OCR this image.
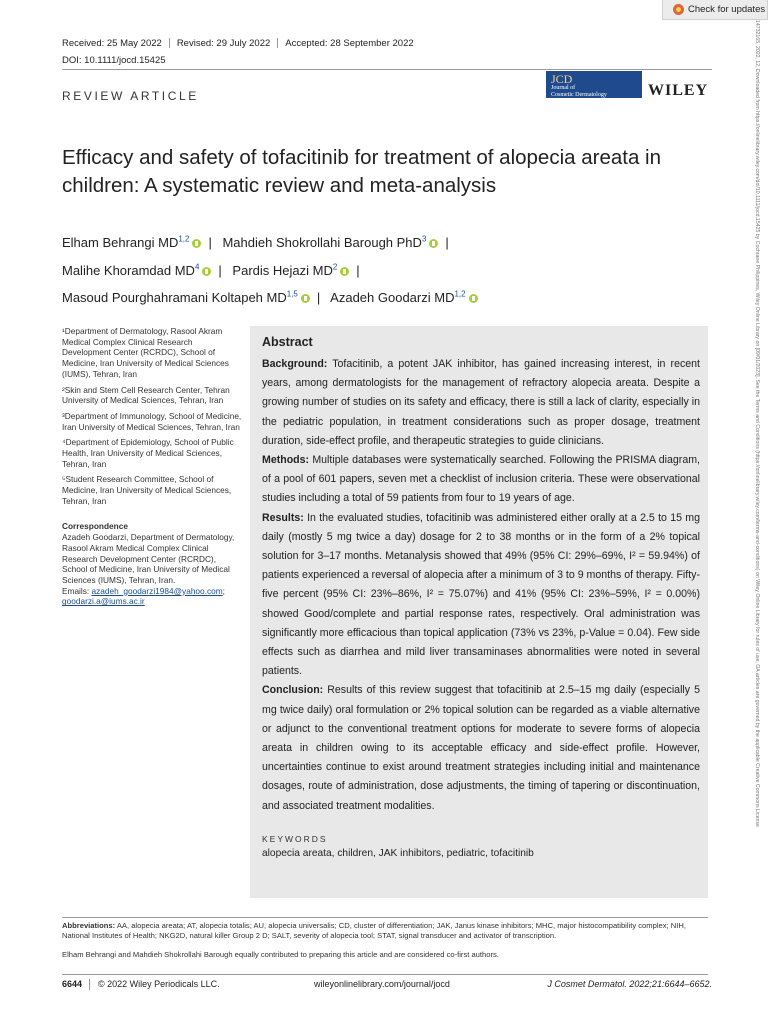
Check for updates
Received: 25 May 2022 Revised: 29 July 2022 Accepted: 28 September 2022
DOI: 10.1111/jocd.15425
REVIEW ARTICLE
JCD
Journal of
Cosmetic Dermatology	WILEY
Efficacy and safety of tofacitinib for treatment of alopecia areata in children: A systematic review and meta-analysis
Elham Behrangi MD$^{1,2}$ | Mahdieh Shokrollahi Barough PhD$^3$ |
Malihe Khoramdad $MD^4$ | Pardis Hejazi $MD^2$ |
Masoud Pourghahramani Koltapeh MD$^{1,5}$ | Azadeh Goodarzi MD$^{1,2}$

¹Department of Dermatology, Rasool Akram Medical Complex Clinical Research Development Center (RCRDC), School of Medicine, Iran University of Medical Sciences (IUMS), Tehran, Iran

²Skin and Stem Cell Research Center, Tehran University of Medical Sciences, Tehran, Iran

³Department of Immunology, School of Medicine, Iran University of Medical Sciences, Tehran, Iran

⁴Department of Epidemiology, School of Public Health, Iran University of Medical Sciences, Tehran, Iran

⁵Student Research Committee, School of Medicine, Iran University of Medical Sciences, Tehran, Iran

Correspondence

Azadeh Goodarzi, Department of Dermatology, Rasool Akram Medical Complex Clinical Research Development Center (RCRDC), School of Medicine, Iran University of Medical Sciences (IUMS), Tehran, Iran.

Emails: azadeh_goodarzi1984@yahoo.com; goodarzi.a@iums.ac.ir

Abstract

Background: Tofacitinib, a potent JAK inhibitor, has gained increasing interest, in recent years, among dermatologists for the management of refractory alopecia areata. Despite a growing number of studies on its safety and efficacy, there is still a lack of clarity, especially in the pediatric population, in treatment considerations such as proper dosage, treatment duration, side-effect profile, and therapeutic strategies to guide clinicians.

Methods: Multiple databases were systematically searched. Following the PRISMA diagram, of a pool of 601 papers, seven met a checklist of inclusion criteria. These were observational studies including a total of 59 patients from four to 19 years of age.

Results: In the evaluated studies, tofacitinib was administered either orally at a 2.5 to 15 mg daily (mostly 5 mg twice a day) dosage for 2 to 38 months or in the form of a 2% topical solution for 3–17 months. Metanalysis showed that 49% (95% CI: 29%–69%, I² = 59.94%) of patients experienced a reversal of alopecia after a minimum of 3 to 9 months of therapy. Fifty-five percent (95% CI: 23%–86%, I² = 75.07%) and 41% (95% CI: 23%–59%, I² = 0.00%) showed Good/complete and partial response rates, respectively. Oral administration was significantly more efficacious than topical application (73% vs 23%, p-Value = 0.04). Few side effects such as diarrhea and mild liver transaminases abnormalities were noted in several patients.

Conclusion: Results of this review suggest that tofacitinib at 2.5–15 mg daily (especially 5 mg twice daily) oral formulation or 2% topical solution can be regarded as a viable alternative or adjunct to the conventional treatment options for moderate to severe forms of alopecia areata in children owing to its acceptable efficacy and side-effect profile. However, uncertainties continue to exist around treatment strategies including initial and maintenance dosages, route of administration, dose adjustments, the timing of tapering or discontinuation, and associated treatment modalities.

KEYWORDS
alopecia areata, children, JAK inhibitors, pediatric, tofacitinib
Abbreviations: AA, alopecia areata; AT, alopecia totalis; AU, alopecia universalis; CD, cluster of differentiation; JAK, Janus kinase inhibitors; MHC, major histocompatibility complex; NIH, National Institutes of Health; NKG2D, natural killer Group 2 D; SALT, severity of alopecia tool; STAT, signal transducer and activator of transcription.
Elham Behrangi and Mahdieh Shokrollahi Barough equally contributed to preparing this article and are considered co-first authors.
6644 © 2022 Wiley Periodicals LLC.	wileyonlinelibrary.com/journal/jocd	J Cosmet Dermatol. 2022;21:6644–6652.
14732165, 2022, 12, Downloaded from https://onlinelibrary.wiley.com/doi/10.1111/jocd.15425 by Cochrane Philippines, Wiley Online Library on [09/01/2023]. See the Terms and Conditions (https://onlinelibrary.wiley.com/terms-and-conditions) on Wiley Online Library for rules of use; OA articles are governed by the applicable Creative Commons License
